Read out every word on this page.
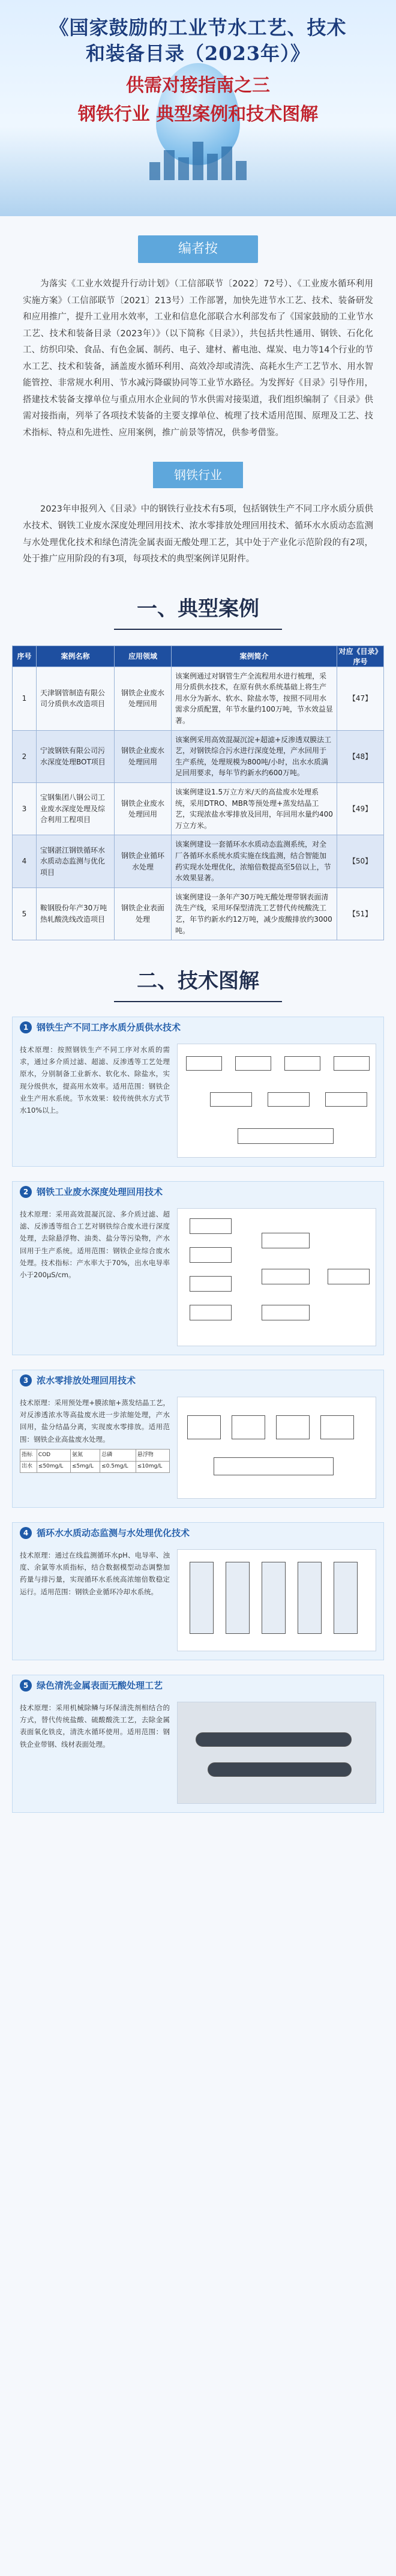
《国家鼓励的工业节水工艺、技术
和装备目录（2023年）》
供需对接指南之三
钢铁行业 典型案例和技术图解
编者按

为落实《工业水效提升行动计划》（工信部联节〔2022〕72号）、《工业废水循环利用实施方案》（工信部联节〔2021〕213号）工作部署，加快先进节水工艺、技术、装备研发和应用推广，提升工业用水效率，工业和信息化部联合水利部发布了《国家鼓励的工业节水工艺、技术和装备目录（2023年）》（以下简称《目录》），共包括共性通用、钢铁、石化化工、纺织印染、食品、有色金属、制药、电子、建材、蓄电池、煤炭、电力等14个行业的节水工艺、技术和装备，涵盖废水循环利用、高效冷却或清洗、高耗水生产工艺节水、用水智能管控、非常规水利用、节水减污降碳协同等工业节水路径。为发挥好《目录》引导作用，搭建技术装备支撑单位与重点用水企业间的节水供需对接渠道，我们组织编制了《目录》供需对接指南，列举了各项技术装备的主要支撑单位、梳理了技术适用范围、原理及工艺、技术指标、特点和先进性、应用案例，推广前景等情况，供参考借鉴。

钢铁行业

2023年申报列入《目录》中的钢铁行业技术有5项，包括钢铁生产不同工序水质分质供水技术、钢铁工业废水深度处理回用技术、浓水零排放处理回用技术、循环水水质动态监测与水处理优化技术和绿色清洗金属表面无酸处理工艺，其中处于产业化示范阶段的有2项，处于推广应用阶段的有3项，每项技术的典型案例详见附件。

一、典型案例
序号	案例名称	应用领域	案例简介	对应《目录》序号
1	天津钢管制造有限公司分质供水改造项目	钢铁企业废水处理回用	该案例通过对钢管生产全流程用水进行梳理，采用分质供水技术，在原有供水系统基础上将生产用水分为新水、软水、除盐水等，按照不同用水需求分质配置，年节水量约100万吨，节水效益显著。	【47】
2	宁波钢铁有限公司污水深度处理BOT项目	钢铁企业废水处理回用	该案例采用高效混凝沉淀+超滤+反渗透双膜法工艺，对钢铁综合污水进行深度处理，产水回用于生产系统，处理规模为800吨/小时，出水水质满足回用要求，每年节约新水约600万吨。	【48】
3	宝钢集团八钢公司工业废水深度处理及综合利用工程项目	钢铁企业废水处理回用	该案例建设1.5万立方米/天的高盐废水处理系统，采用DTRO、MBR等预处理+蒸发结晶工艺，实现浓盐水零排放及回用，年回用水量约400万立方米。	【49】
4	宝钢湛江钢铁循环水水质动态监测与优化项目	钢铁企业循环水处理	该案例建设一套循环水水质动态监测系统，对全厂各循环水系统水质实施在线监测，结合智能加药实现水处理优化，浓缩倍数提高至5倍以上，节水效果显著。	【50】
5	鞍钢股份年产30万吨热轧酸洗线改造项目	钢铁企业表面处理	该案例建设一条年产30万吨无酸处理带钢表面清洗生产线，采用环保型清洗工艺替代传统酸洗工艺，年节约新水约12万吨，减少废酸排放约3000吨。	【51】
二、技术图解
1 钢铁生产不同工序水质分质供水技术

技术原理：按照钢铁生产不同工序对水质的需求，通过多介质过滤、超滤、反渗透等工艺处理原水，分别制备工业新水、软化水、除盐水，实现分级供水，提高用水效率。适用范围：钢铁企业生产用水系统。节水效果：较传统供水方式节水10%以上。

2 钢铁工业废水深度处理回用技术

技术原理：采用高效混凝沉淀、多介质过滤、超滤、反渗透等组合工艺对钢铁综合废水进行深度处理，去除悬浮物、油类、盐分等污染物，产水回用于生产系统。适用范围：钢铁企业综合废水处理。技术指标：产水率大于70%，出水电导率小于200μS/cm。

3 浓水零排放处理回用技术

技术原理：采用预处理+膜浓缩+蒸发结晶工艺，对反渗透浓水等高盐废水进一步浓缩处理，产水回用，盐分结晶分离，实现废水零排放。适用范围：钢铁企业高盐废水处理。

指标	COD	氨氮	总磷	悬浮物
出水	≤50mg/L	≤5mg/L	≤0.5mg/L	≤10mg/L
4 循环水水质动态监测与水处理优化技术

技术原理：通过在线监测循环水pH、电导率、浊度、余氯等水质指标，结合数据模型动态调整加药量与排污量，实现循环水系统高浓缩倍数稳定运行。适用范围：钢铁企业循环冷却水系统。

5 绿色清洗金属表面无酸处理工艺

技术原理：采用机械除鳞与环保清洗剂相结合的方式，替代传统盐酸、硫酸酸洗工艺，去除金属表面氧化铁皮，清洗水循环使用。适用范围：钢铁企业带钢、线材表面处理。
